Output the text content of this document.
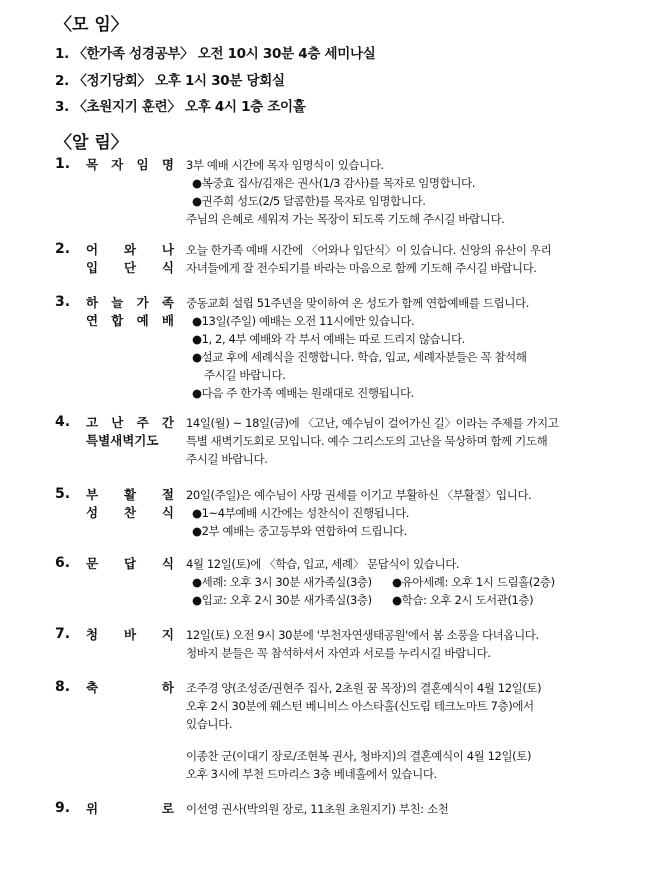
〈모 임〉
1. 〈한가족 성경공부〉 오전 10시 30분 4층 세미나실
2. 〈정기당회〉 오후 1시 30분 당회실
3. 〈초원지기 훈련〉 오후 4시 1층 조이홀
〈알 림〉
1. 목 자 임 명 3부 예배 시간에 목자 임명식이 있습니다.
●복중효 집사/김재은 권사(1/3 감사)를 목자로 임명합니다.
●권주희 성도(2/5 달콤한)를 목자로 임명합니다.
주님의 은혜로 세워져 가는 목장이 되도록 기도해 주시길 바랍니다.
2. 어 와 나
입 단 식
오늘 한가족 예배 시간에 〈어와나 입단식〉이 있습니다. 신앙의 유산이 우리
자녀들에게 잘 전수되기를 바라는 마음으로 함께 기도해 주시길 바랍니다.
3. 하 늘 가 족
연 합 예 배
중동교회 설립 51주년을 맞이하여 온 성도가 함께 연합예배를 드립니다.
●13일(주일) 예배는 오전 11시에만 있습니다.
●1, 2, 4부 예배와 각 부서 예배는 따로 드리지 않습니다.
●설교 후에 세례식을 진행합니다. 학습, 입교, 세례자분들은 꼭 참석해
주시길 바랍니다.
●다음 주 한가족 예배는 원래대로 진행됩니다.
4. 고 난 주 간
특별새벽기도
14일(월) ~ 18일(금)에 〈고난, 예수님이 걸어가신 길〉이라는 주제를 가지고
특별 새벽기도회로 모입니다. 예수 그리스도의 고난을 묵상하며 함께 기도해
주시길 바랍니다.
5. 부 활 절
성 찬 식
20일(주일)은 예수님이 사망 권세를 이기고 부활하신 〈부활절〉입니다.
●1~4부예배 시간에는 성찬식이 진행됩니다.
●2부 예배는 중고등부와 연합하여 드립니다.
6. 문 답 식 4월 12일(토)에 〈학습, 입교, 세례〉 문답식이 있습니다.
●세례: 오후 3시 30분 새가족실(3층) ●유아세례: 오후 1시 드림홀(2층)
●입교: 오후 2시 30분 새가족실(3층) ●학습: 오후 2시 도서관(1층)
7. 청 바 지 12일(토) 오전 9시 30분에 '부천자연생태공원'에서 봄 소풍을 다녀옵니다.
청바지 분들은 꼭 참석하셔서 자연과 서로를 누리시길 바랍니다.
8. 축 하 조주경 양(조성준/권현주 집사, 2초원 꿈 목장)의 결혼예식이 4월 12일(토)
오후 2시 30분에 웨스턴 베니비스 아스타홀(신도림 테크노마트 7층)에서
있습니다.
이종찬 군(이대기 장로/조현복 권사, 청바지)의 결혼예식이 4월 12일(토)
오후 3시에 부천 드마리스 3층 베네홀에서 있습니다.
9. 위 로 이선영 권사(박의원 장로, 11초원 초원지기) 부친: 소천
